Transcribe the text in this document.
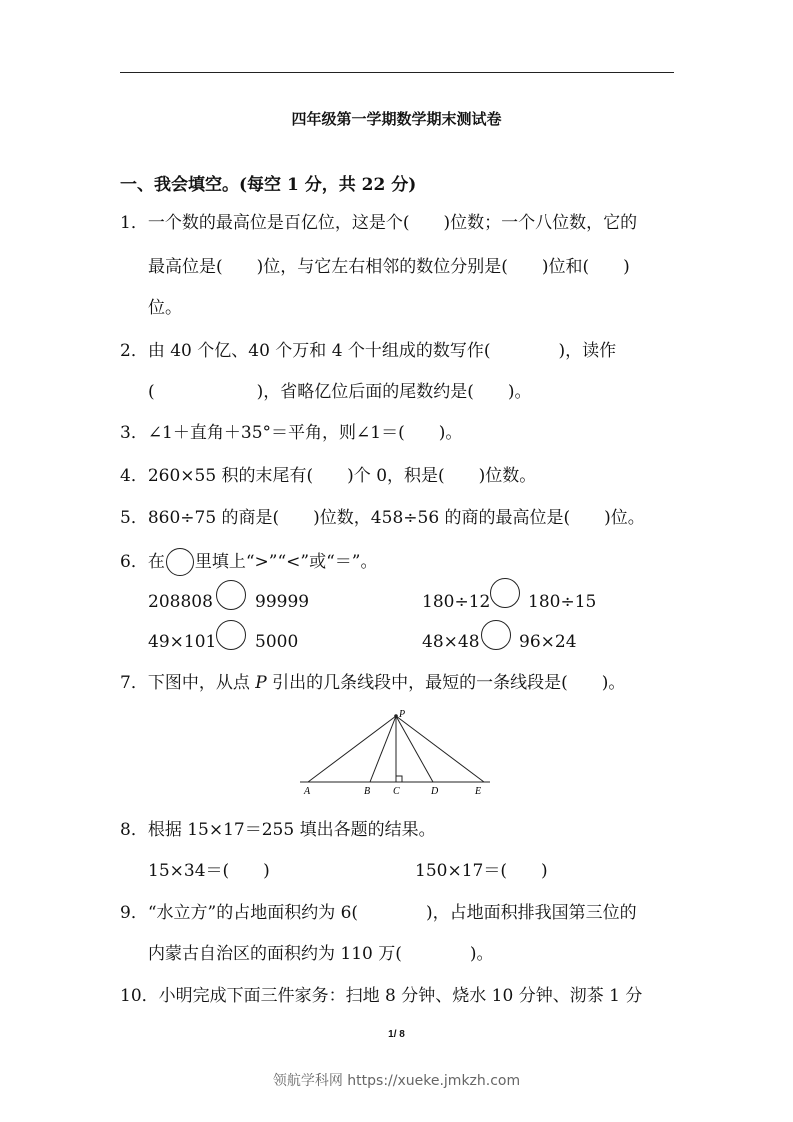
四年级第一学期数学期末测试卷
一、我会填空。(每空 1 分，共 22 分)
1．一个数的最高位是百亿位，这是个(　　)位数；一个八位数，它的
最高位是(　　)位，与它左右相邻的数位分别是(　　)位和(　　)
位。
2．由 40 个亿、40 个万和 4 个十组成的数写作(　　　　)，读作
(　　　　　　)，省略亿位后面的尾数约是(　　)。
3．∠1＋直角＋35°＝平角，则∠1＝(　　)。
4．260×55 积的末尾有(　　)个 0，积是(　　)位数。
5．860÷75 的商是(　　)位数，458÷56 的商的最高位是(　　)位。
6．在 里填上“>”“<”或“＝”。
208808 99999	180÷12 180÷15
49×101 5000	48×48 96×24
7．下图中，从点 P 引出的几条线段中，最短的一条线段是(　　)。
P
A	B C	D	E
8．根据 15×17＝255 填出各题的结果。
15×34＝(　　)	150×17＝(　　)
9．“水立方”的占地面积约为 6(　　　　)，占地面积排我国第三位的
内蒙古自治区的面积约为 110 万(　　　　)。
10．小明完成下面三件家务：扫地 8 分钟、烧水 10 分钟、沏茶 1 分
1/ 8
领航学科网 https://xueke.jmkzh.com
